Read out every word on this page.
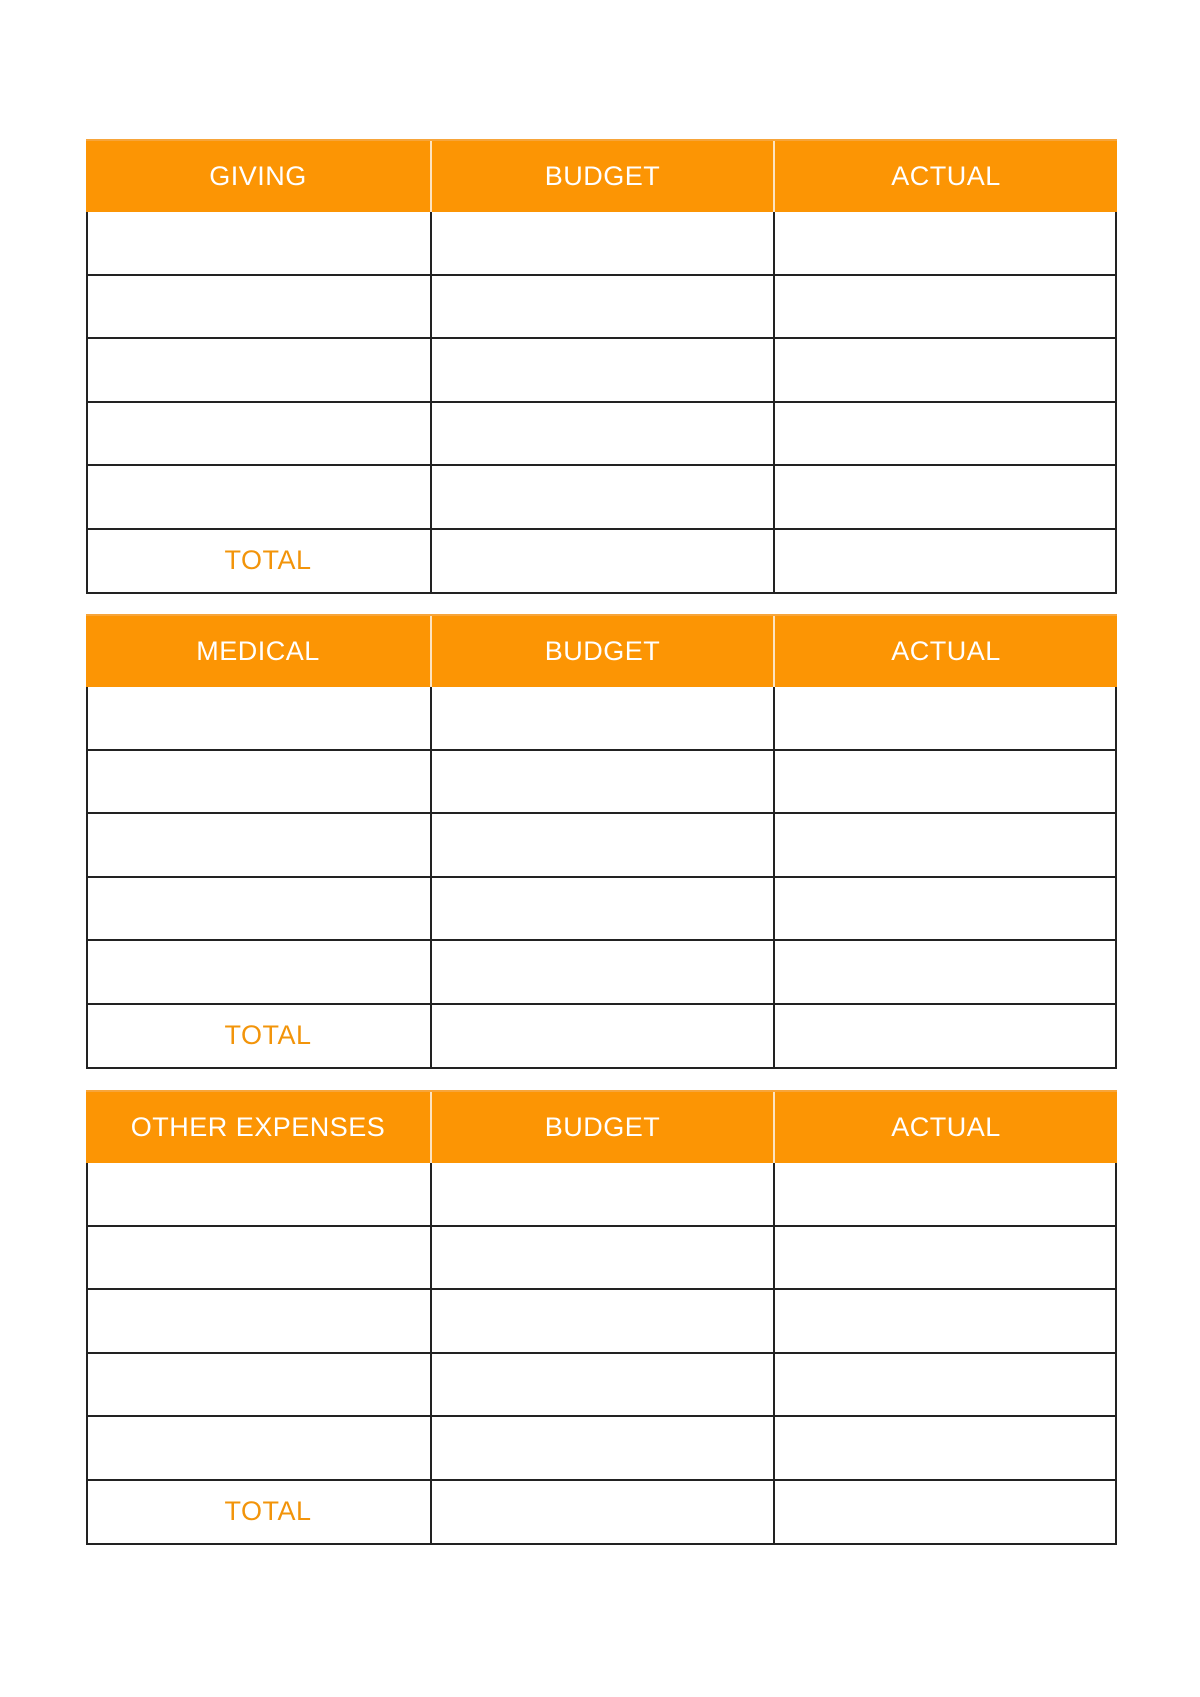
GIVING	BUDGET	ACTUAL
TOTAL
MEDICAL	BUDGET	ACTUAL
TOTAL
OTHER EXPENSES	BUDGET	ACTUAL
TOTAL
